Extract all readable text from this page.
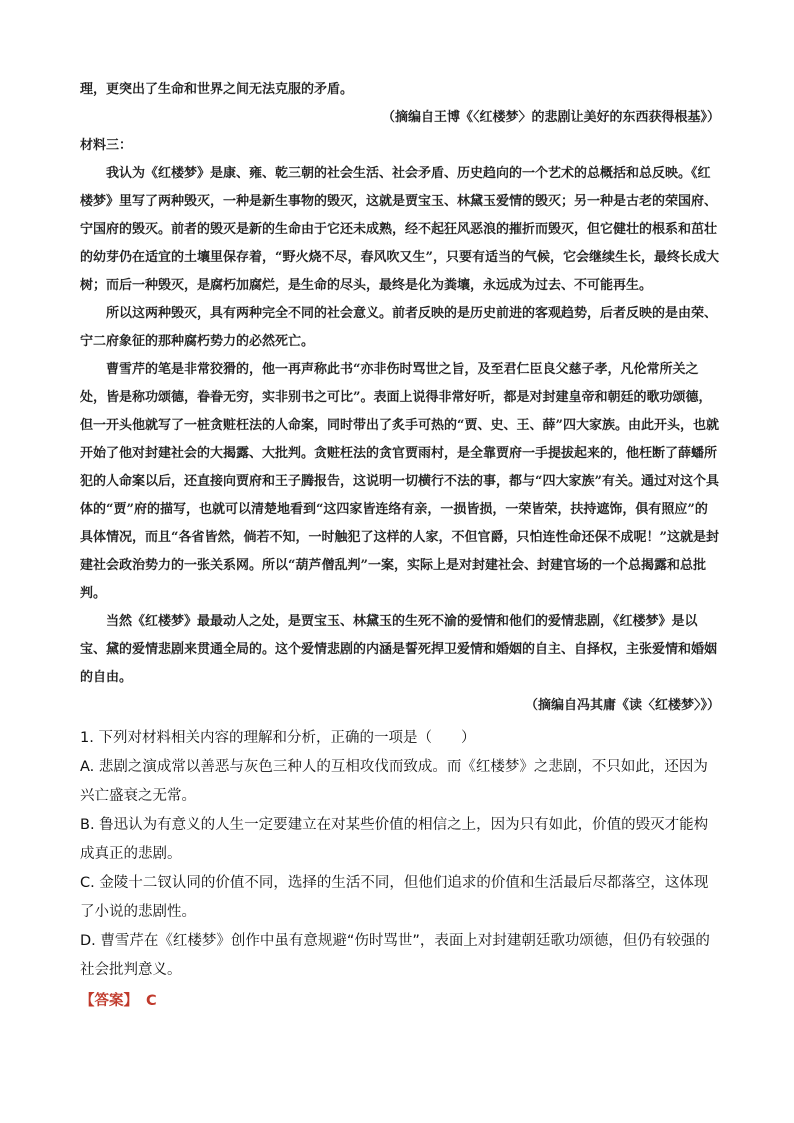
理，更突出了生命和世界之间无法克服的矛盾。

（摘编自王博《〈红楼梦〉的悲剧让美好的东西获得根基》）

材料三：

我认为《红楼梦》是康、雍、乾三朝的社会生活、社会矛盾、历史趋向的一个艺术的总概括和总反映。《红楼梦》里写了两种毁灭，一种是新生事物的毁灭，这就是贾宝玉、林黛玉爱情的毁灭；另一种是古老的荣国府、宁国府的毁灭。前者的毁灭是新的生命由于它还未成熟，经不起狂风恶浪的摧折而毁灭，但它健壮的根系和茁壮的幼芽仍在适宜的土壤里保存着，“野火烧不尽，春风吹又生”，只要有适当的气候，它会继续生长，最终长成大树；而后一种毁灭，是腐朽加腐烂，是生命的尽头，最终是化为粪壤，永远成为过去、不可能再生。

所以这两种毁灭，具有两种完全不同的社会意义。前者反映的是历史前进的客观趋势，后者反映的是由荣、宁二府象征的那种腐朽势力的必然死亡。

曹雪芹的笔是非常狡猾的，他一再声称此书“亦非伤时骂世之旨，及至君仁臣良父慈子孝，凡伦常所关之处，皆是称功颂德，眷眷无穷，实非别书之可比”。表面上说得非常好听，都是对封建皇帝和朝廷的歌功颂德，但一开头他就写了一桩贪赃枉法的人命案，同时带出了炙手可热的“贾、史、王、薛”四大家族。由此开头，也就开始了他对封建社会的大揭露、大批判。贪赃枉法的贪官贾雨村，是全靠贾府一手提拔起来的，他枉断了薛蟠所犯的人命案以后，还直接向贾府和王子腾报告，这说明一切横行不法的事，都与“四大家族”有关。通过对这个具体的“贾”府的描写，也就可以清楚地看到“这四家皆连络有亲，一损皆损，一荣皆荣，扶持遮饰，俱有照应”的具体情况，而且“各省皆然，倘若不知，一时触犯了这样的人家，不但官爵，只怕连性命还保不成呢！”这就是封建社会政治势力的一张关系网。所以“葫芦僧乱判”一案，实际上是对封建社会、封建官场的一个总揭露和总批判。

当然《红楼梦》最最动人之处，是贾宝玉、林黛玉的生死不渝的爱情和他们的爱情悲剧，《红楼梦》是以宝、黛的爱情悲剧来贯通全局的。这个爱情悲剧的内涵是誓死捍卫爱情和婚姻的自主、自择权，主张爱情和婚姻的自由。

（摘编自冯其庸《读〈红楼梦〉》）

1. 下列对材料相关内容的理解和分析，正确的一项是（　　）

A. 悲剧之演成常以善恶与灰色三种人的互相攻伐而致成。而《红楼梦》之悲剧，不只如此，还因为兴亡盛衰之无常。

B. 鲁迅认为有意义的人生一定要建立在对某些价值的相信之上，因为只有如此，价值的毁灭才能构成真正的悲剧。

C. 金陵十二钗认同的价值不同，选择的生活不同，但他们追求的价值和生活最后尽都落空，这体现了小说的悲剧性。

D. 曹雪芹在《红楼梦》创作中虽有意规避“伤时骂世”，表面上对封建朝廷歌功颂德，但仍有较强的社会批判意义。

【答案】 C
